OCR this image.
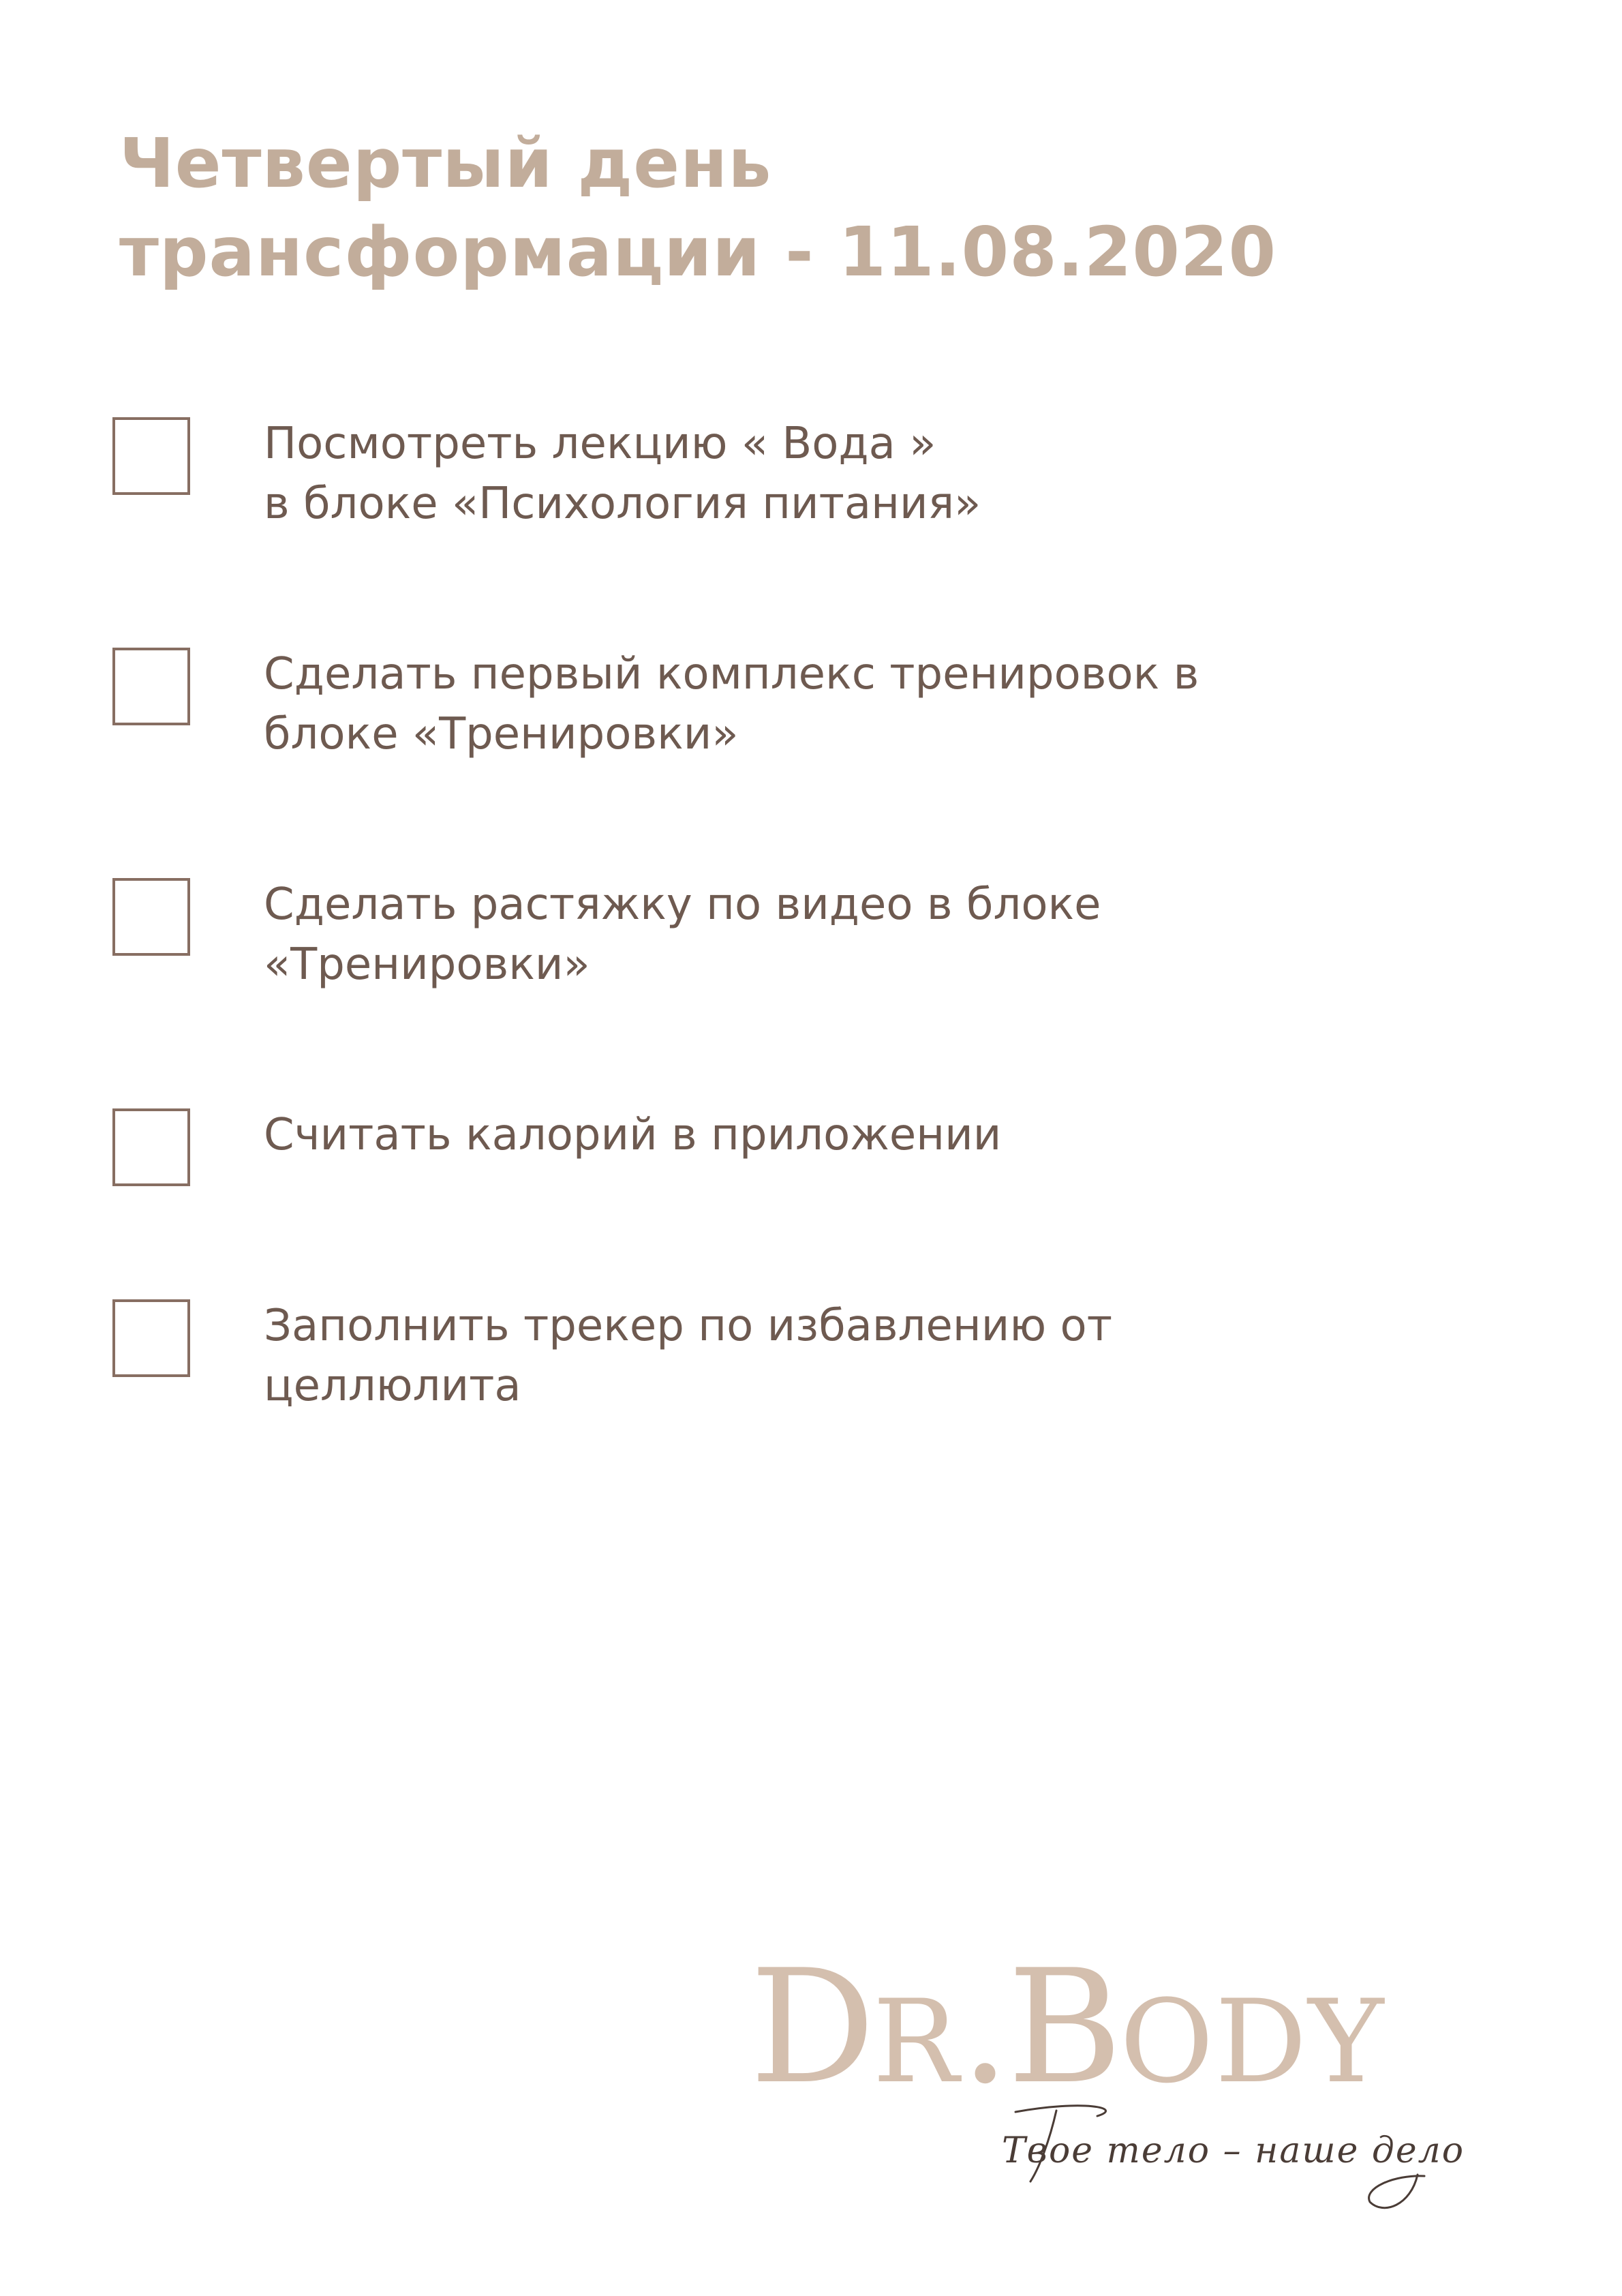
Четвертый день
трансформации - 11.08.2020
Посмотреть лекцию « Вода »
в блоке «Психология питания»
Сделать первый комплекс тренировок в
блоке «Тренировки»
Сделать растяжку по видео в блоке
«Тренировки»
Считать калорий в приложении
Заполнить трекер по избавлению от
целлюлита
DR.BODY
Твое тело – наше дело
